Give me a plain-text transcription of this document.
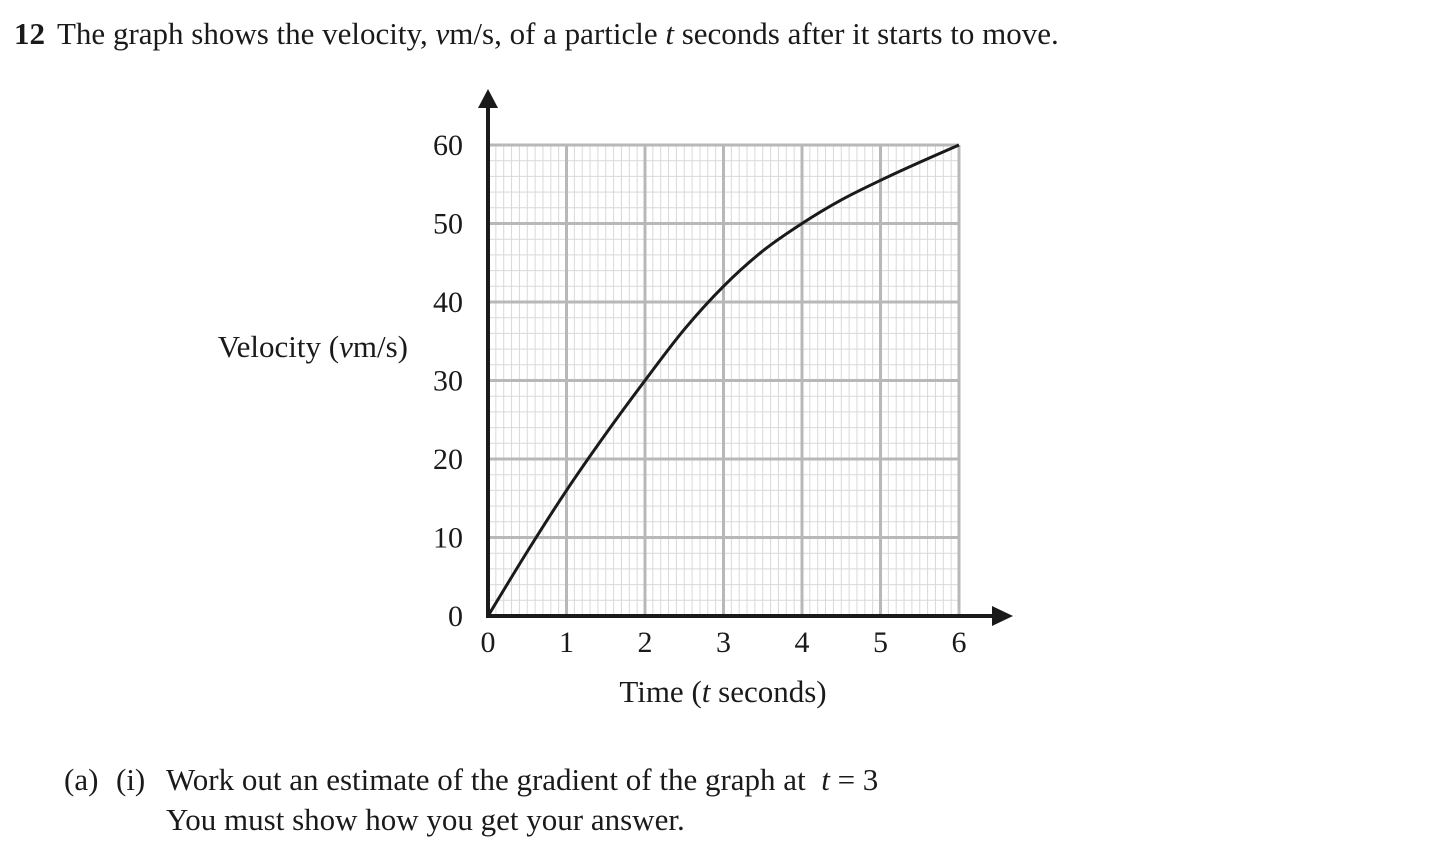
12 The graph shows the velocity, vm/s, of a particle t seconds after it starts to move.
0 1 2 3 4 5 6
0
10
20
30
40
50
60
Velocity (vm/s)
Time (t seconds)
(a) (i) Work out an estimate of the gradient of the graph at t = 3
You must show how you get your answer.
